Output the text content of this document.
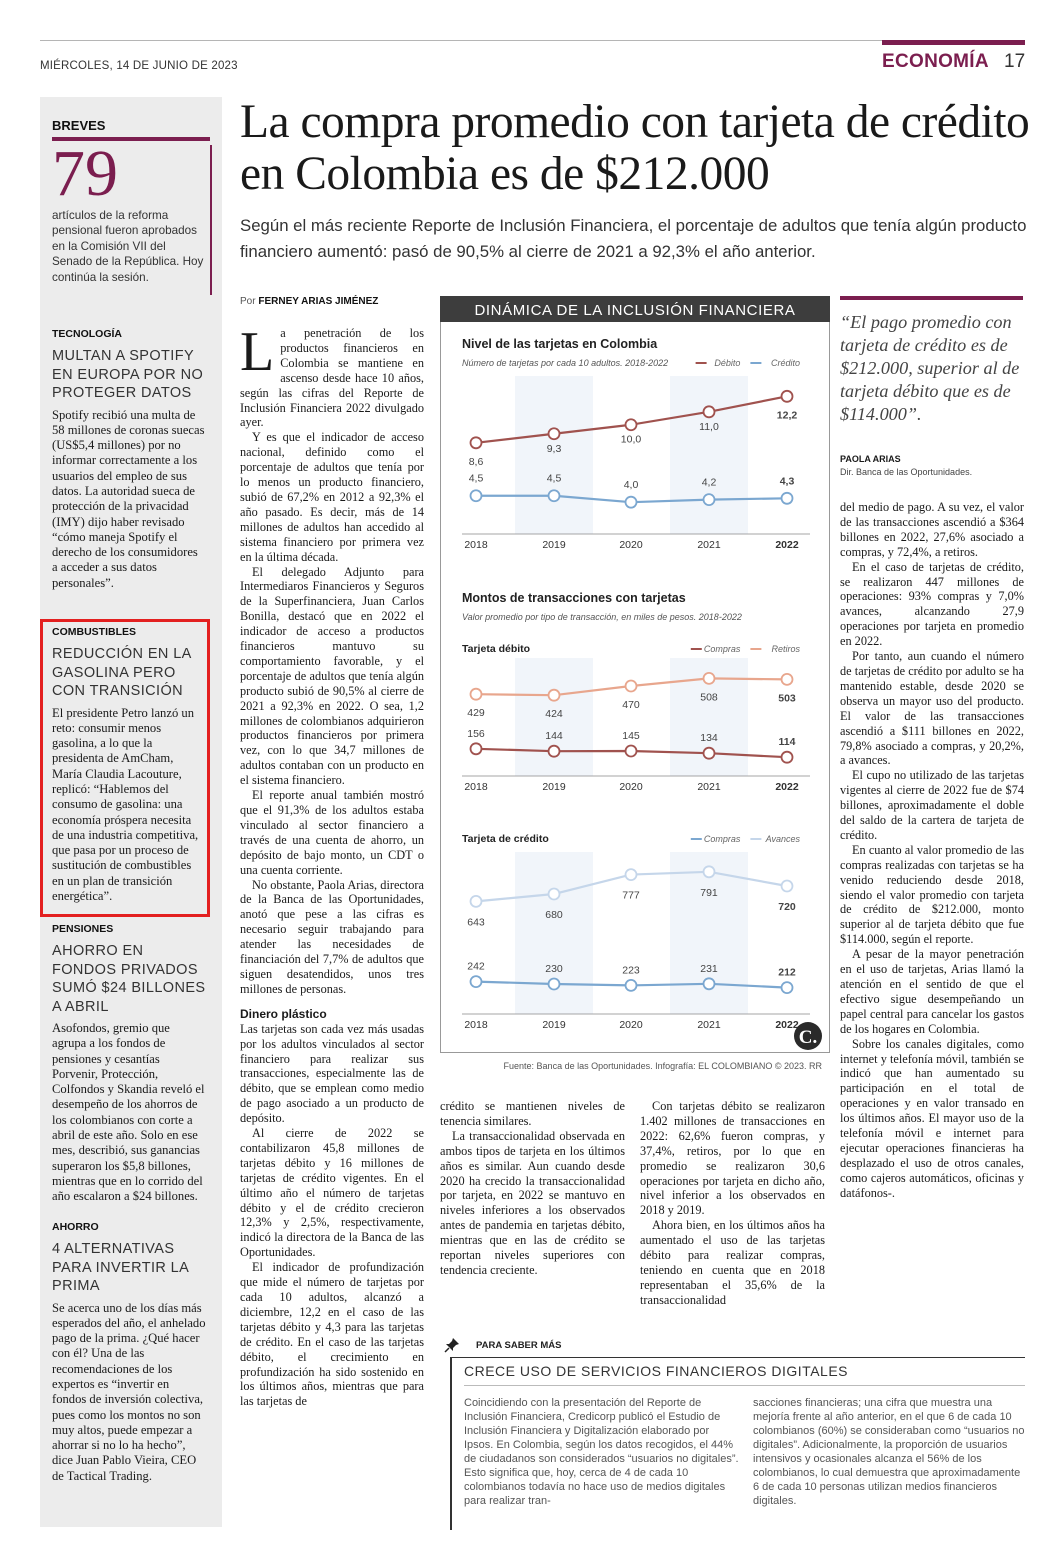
MIÉRCOLES, 14 DE JUNIO DE 2023	ECONOMÍA 17
BREVES
79
artículos de la reforma pensional fueron aprobados en la Comisión VII del Senado de la República. Hoy continúa la sesión.
TECNOLOGÍA
MULTAN A SPOTIFY EN EUROPA POR NO PROTEGER DATOS
Spotify recibió una multa de 58 millones de coronas suecas (US$5,4 millones) por no informar correctamente a los usuarios del empleo de sus datos. La autoridad sueca de protección de la privacidad (IMY) dijo haber revisado “cómo maneja Spotify el derecho de los consumidores a acceder a sus datos personales”.
COMBUSTIBLES
REDUCCIÓN EN LA GASOLINA PERO CON TRANSICIÓN
El presidente Petro lanzó un reto: consumir menos gasolina, a lo que la presidenta de AmCham, María Claudia Lacouture, replicó: “Hablemos del consumo de gasolina: una economía próspera necesita de una industria competitiva, que pasa por un proceso de sustitución de combustibles en un plan de transición energética”.
PENSIONES
AHORRO EN FONDOS PRIVADOS SUMÓ $24 BILLONES A ABRIL
Asofondos, gremio que agrupa a los fondos de pensiones y cesantías Porvenir, Protección, Colfondos y Skandia reveló el desempeño de los ahorros de los colombianos con corte a abril de este año. Solo en ese mes, describió, sus ganancias superaron los $5,8 billones, mientras que en lo corrido del año escalaron a $24 billones.
AHORRO
4 ALTERNATIVAS PARA INVERTIR LA PRIMA
Se acerca uno de los días más esperados del año, el anhelado pago de la prima. ¿Qué hacer con él? Una de las recomendaciones de los expertos es “invertir en fondos de inversión colectiva, pues como los montos no son muy altos, puede empezar a ahorrar si no lo ha hecho”, dice Juan Pablo Vieira, CEO de Tactical Trading.
La compra promedio con tarjeta de crédito en Colombia es de $212.000
Según el más reciente Reporte de Inclusión Financiera, el porcentaje de adultos que tenía algún producto financiero aumentó: pasó de 90,5% al cierre de 2021 a 92,3% el año anterior.
Por FERNEY ARIAS JIMÉNEZ

La penetración de los productos financieros en Colombia se mantiene en ascenso desde hace 10 años, según las cifras del Reporte de Inclusión Financiera 2022 divulgado ayer.

Y es que el indicador de acceso nacional, definido como el porcentaje de adultos que tenía por lo menos un producto financiero, subió de 67,2% en 2012 a 92,3% el año pasado. Es decir, más de 14 millones de adultos han accedido al sistema financiero por primera vez en la última década.

El delegado Adjunto para Intermediaros Financieros y Seguros de la Superfinanciera, Juan Carlos Bonilla, destacó que en 2022 el indicador de acceso a productos financieros mantuvo su comportamiento favorable, y el porcentaje de adultos que tenía algún producto subió de 90,5% al cierre de 2021 a 92,3% en 2022. O sea, 1,2 millones de colombianos adquirieron productos financieros por primera vez, con lo que 34,7 millones de adultos contaban con un producto en el sistema financiero.

El reporte anual también mostró que el 91,3% de los adultos estaba vinculado al sector financiero a través de una cuenta de ahorro, un depósito de bajo monto, un CDT o una cuenta corriente.

No obstante, Paola Arias, directora de la Banca de las Oportunidades, anotó que pese a las cifras es necesario seguir trabajando para atender las necesidades de financiación del 7,7% de adultos que siguen desatendidos, unos tres millones de personas.

Dinero plástico

Las tarjetas son cada vez más usadas por los adultos vinculados al sector financiero para realizar sus transacciones, especialmente las de débito, que se emplean como medio de pago asociado a un producto de depósito.

Al cierre de 2022 se contabilizaron 45,8 millones de tarjetas débito y 16 millones de tarjetas de crédito vigentes. En el último año el número de tarjetas débito y el de crédito crecieron 12,3% y 2,5%, respectivamente, indicó la directora de la Banca de las Oportunidades.

El indicador de profundización que mide el número de tarjetas por cada 10 adultos, alcanzó a diciembre, 12,2 en el caso de las tarjetas débito y 4,3 para las tarjetas de crédito. En el caso de las tarjetas débito, el crecimiento en profundización ha sido sostenido en los últimos años, mientras que para las tarjetas de

crédito se mantienen niveles de tenencia similares.

La transaccionalidad observada en ambos tipos de tarjeta en los últimos años es similar. Aun cuando desde 2020 ha crecido la transaccionalidad por tarjeta, en 2022 se mantuvo en niveles inferiores a los observados antes de pandemia en tarjetas débito, mientras que en las de crédito se reportan niveles superiores con tendencia creciente.

Con tarjetas débito se realizaron 1.402 millones de transacciones en 2022: 62,6% fueron compras, y 37,4%, retiros, por lo que en promedio se realizaron 30,6 operaciones por tarjeta en dicho año, nivel inferior a los observados en 2018 y 2019.

Ahora bien, en los últimos años ha aumentado el uso de las tarjetas débito para realizar compras, teniendo en cuenta que en 2018 representaban el 35,6% de la transaccionalidad

“El pago promedio con tarjeta de crédito es de $212.000, superior al de tarjeta débito que es de $114.000”.
PAOLA ARIAS
Dir. Banca de las Oportunidades.

del medio de pago. A su vez, el valor de las transacciones ascendió a $364 billones en 2022, 27,6% asociado a compras, y 72,4%, a retiros.

En el caso de tarjetas de crédito, se realizaron 447 millones de operaciones: 93% compras y 7,0% avances, alcanzando 27,9 operaciones por tarjeta en promedio en 2022.

Por tanto, aun cuando el número de tarjetas de crédito por adulto se ha mantenido estable, desde 2020 se observa un mayor uso del producto. El valor de las transacciones ascendió a $111 billones en 2022, 79,8% asociado a compras, y 20,2%, a avances.

El cupo no utilizado de las tarjetas vigentes al cierre de 2022 fue de $74 billones, aproximadamente el doble del saldo de la cartera de tarjeta de crédito.

En cuanto al valor promedio de las compras realizadas con tarjetas se ha venido reduciendo desde 2018, siendo el valor promedio con tarjeta de crédito de $212.000, monto superior al de tarjeta débito que fue $114.000, según el reporte.

A pesar de la mayor penetración en el uso de tarjetas, Arias llamó la atención en el sentido de que el efectivo sigue desempeñando un papel central para cancelar los gastos de los hogares en Colombia.

Sobre los canales digitales, como internet y telefonía móvil, también se indicó que han aumentado su participación en el total de operaciones y en valor transado en los últimos años. El mayor uso de la telefonía móvil e internet para ejecutar operaciones financieras ha desplazado el uso de otros canales, como cajeros automáticos, oficinas y datáfonos-.

DINÁMICA DE LA INCLUSIÓN FINANCIERA
Nivel de las tarjetas en Colombia
Número de tarjetas por cada 10 adultos. 2018-2022	Crédito
Débito
2018	2019	2020	2021	2022
8,6
9,3
10,0
11,0
12,2
4,5	4,5
4,0	4,2	4,3
Montos de transacciones con tarjetas
Valor promedio por tipo de transacción, en miles de pesos. 2018-2022
Tarjeta débito	Retiros
Compras
2018	2019	2020	2021	2022
156	144	145	134	114
429	424
470
508	503
Tarjeta de crédito	Avances
Compras
2018	2019	2020	2021	2022
242	230	223	231	212
643
680
777	791
720
C.
Fuente: Banca de las Oportunidades. Infografía: EL COLOMBIANO © 2023. RR
PARA SABER MÁS
CRECE USO DE SERVICIOS FINANCIEROS DIGITALES
Coincidiendo con la presentación del Reporte de Inclusión Financiera, Credicorp publicó el Estudio de Inclusión Financiera y Digitalización elaborado por Ipsos. En Colombia, según los datos recogidos, el 44% de ciudadanos son considerados “usuarios no digitales”. Esto significa que, hoy, cerca de 4 de cada 10 colombianos todavía no hace uso de medios digitales para realizar tran-
sacciones financieras; una cifra que muestra una mejoría frente al año anterior, en el que 6 de cada 10 colombianos (60%) se consideraban como “usuarios no digitales”. Adicionalmente, la proporción de usuarios intensivos y ocasionales alcanza el 56% de los colombianos, lo cual demuestra que aproximadamente 6 de cada 10 personas utilizan medios financieros digitales.
